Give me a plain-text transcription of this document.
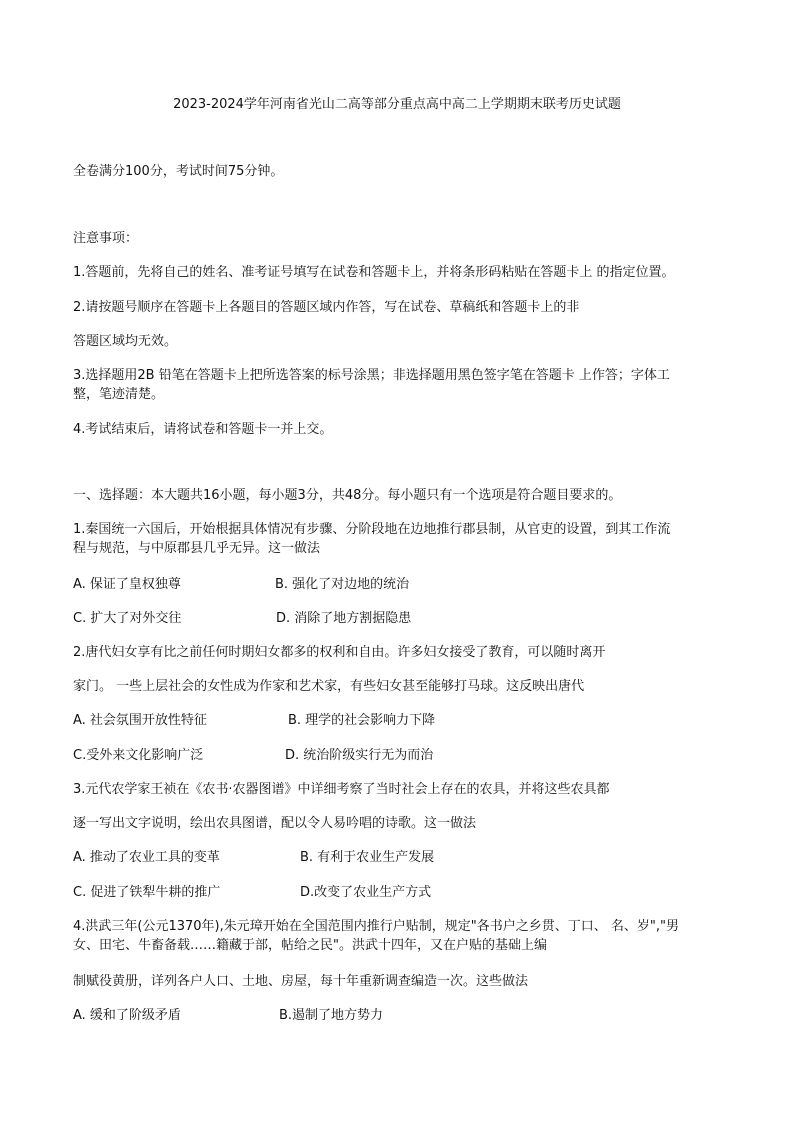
2023-2024学年河南省光山二高等部分重点高中高二上学期期末联考历史试题
全卷满分100分，考试时间75分钟。
注意事项：
1.答题前，先将自己的姓名、准考证号填写在试卷和答题卡上，并将条形码粘贴在答题卡上 的指定位置。
2.请按题号顺序在答题卡上各题目的答题区域内作答，写在试卷、草稿纸和答题卡上的非
答题区域均无效。
3.选择题用2B 铅笔在答题卡上把所选答案的标号涂黑；非选择题用黑色签字笔在答题卡 上作答；字体工
整，笔迹清楚。
4.考试结束后，请将试卷和答题卡一并上交。
一、选择题：本大题共16小题，每小题3分，共48分。每小题只有一个选项是符合题目要求的。
1.秦国统一六国后，开始根据具体情况有步骤、分阶段地在边地推行郡县制，从官吏的设置，到其工作流
程与规范，与中原郡县几乎无异。这一做法
A. 保证了皇权独尊	B. 强化了对边地的统治
C. 扩大了对外交往	D. 消除了地方割据隐患
2.唐代妇女享有比之前任何时期妇女都多的权利和自由。许多妇女接受了教育，可以随时离开
家门。 一些上层社会的女性成为作家和艺术家，有些妇女甚至能够打马球。这反映出唐代
A. 社会氛围开放性特征	B. 理学的社会影响力下降
C.受外来文化影响广泛	D. 统治阶级实行无为而治
3.元代农学家王祯在《农书·农器图谱》中详细考察了当时社会上存在的农具，并将这些农具都
逐一写出文字说明，绘出农具图谱，配以令人易吟唱的诗歌。这一做法
A. 推动了农业工具的变革	B. 有利于农业生产发展
C. 促进了铁犁牛耕的推广	D.改变了农业生产方式
4.洪武三年(公元1370年),朱元璋开始在全国范围内推行户贴制，规定"各书户之乡贯、丁口、 名、岁","男
女、田宅、牛畜备载……籍藏于部，帖给之民"。洪武十四年，又在户贴的基础上编
制赋役黄册，详列各户人口、土地、房屋，每十年重新调查编造一次。这些做法
A. 缓和了阶级矛盾	B.遏制了地方势力
